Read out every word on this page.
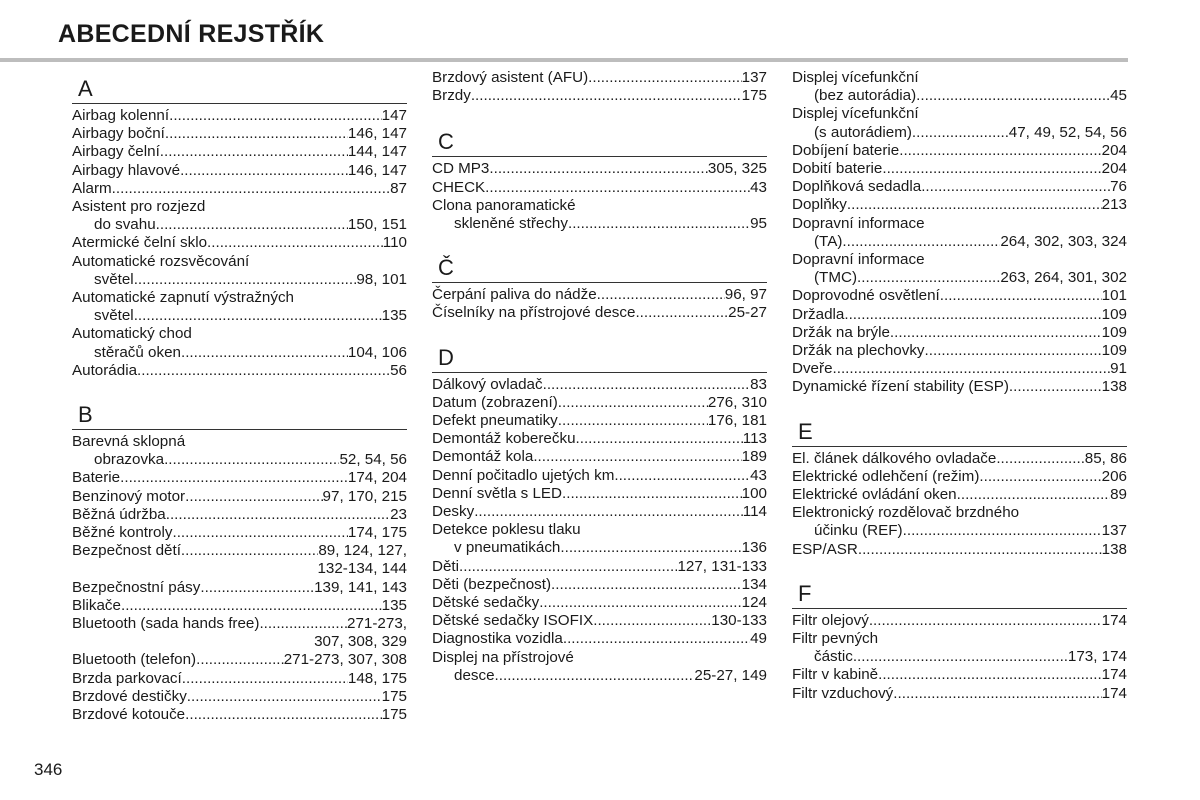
ABECEDNÍ REJSTŘÍK
A
Airbag kolenní .....	147
Airbagy boční .....	146, 147
Airbagy čelní .....	144, 147
Airbagy hlavové .....	146, 147
Alarm .....	87
Asistent pro rozjezd
do svahu .....	150, 151
Atermické čelní sklo .....	110
Automatické rozsvěcování
světel .....	98, 101
Automatické zapnutí výstražných
světel .....	135
Automatický chod
stěračů oken .....	104, 106
Autorádia .....	56
B
Barevná sklopná
obrazovka .....	52, 54, 56
Baterie .....	174, 204
Benzinový motor .....	97, 170, 215
Běžná údržba .....	23
Běžné kontroly .....	174, 175
Bezpečnost dětí .....	89, 124, 127,
132-134, 144
Bezpečnostní pásy .....	139, 141, 143
Blikače .....	135
Bluetooth (sada hands free) .....	271-273,
307, 308, 329
Bluetooth (telefon) .....	271-273, 307, 308
Brzda parkovací .....	148, 175
Brzdové destičky .....	175
Brzdové kotouče .....	175
Brzdový asistent (AFU) .....	137
Brzdy .....	175
C
CD MP3 .....	305, 325
CHECK .....	43
Clona panoramatické
skleněné střechy .....	95
Č
Čerpání paliva do nádže .....	96, 97
Číselníky na přístrojové desce .....	25-27
D
Dálkový ovladač .....	83
Datum (zobrazení) .....	276, 310
Defekt pneumatiky .....	176, 181
Demontáž koberečku .....	113
Demontáž kola .....	189
Denní počitadlo ujetých km .....	43
Denní světla s LED .....	100
Desky .....	114
Detekce poklesu tlaku
v pneumatikách .....	136
Děti .....	127, 131-133
Děti (bezpečnost) .....	134
Dětské sedačky .....	124
Dětské sedačky ISOFIX .....	130-133
Diagnostika vozidla .....	49
Displej na přístrojové
desce .....	25-27, 149
Displej vícefunkční
(bez autorádia) .....	45
Displej vícefunkční
(s autorádiem) .....	47, 49, 52, 54, 56
Dobíjení baterie .....	204
Dobití baterie .....	204
Doplňková sedadla .....	76
Doplňky .....	213
Dopravní informace
(TA) .....	264, 302, 303, 324
Dopravní informace
(TMC) .....	263, 264, 301, 302
Doprovodné osvětlení .....	101
Držadla .....	109
Držák na brýle .....	109
Držák na plechovky .....	109
Dveře .....	91
Dynamické řízení stability (ESP) .....	138
E
El. článek dálkového ovladače .....	85, 86
Elektrické odlehčení (režim) .....	206
Elektrické ovládání oken .....	89
Elektronický rozdělovač brzdného
účinku (REF) .....	137
ESP/ASR .....	138
F
Filtr olejový .....	174
Filtr pevných
částic .....	173, 174
Filtr v kabině .....	174
Filtr vzduchový .....	174
346
